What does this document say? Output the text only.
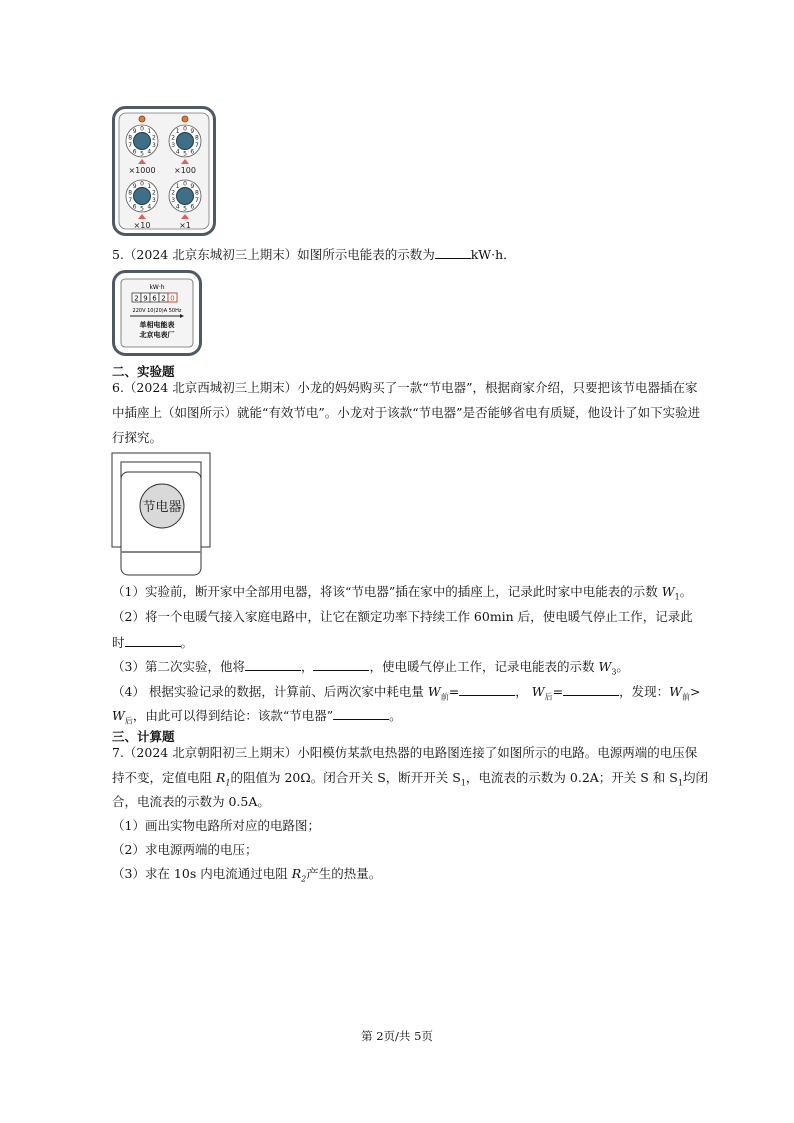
0 1
2
3
4
5
6
7
8
9	0
1
2
3
4 5 6
7
8
9
0 1
2
3
4
5
6
7
8
9	0
1
2
3
4 5 6
7
8
9
×1000 ×100
×10	×1
5.（2024 北京东城初三上期末）如图所示电能表的示数为	kW·h．
kW·h
2 9 6 2 0
220V 10(20)A 50Hz
单相电能表
北京电表厂
二、实验题
6.（2024 北京西城初三上期末）小龙的妈妈购买了一款“节电器”，根据商家介绍，只要把该节电器插在家
中插座上（如图所示）就能“有效节电”。小龙对于该款“节电器”是否能够省电有质疑，他设计了如下实验进
行探究。
节电器
（1）实验前，断开家中全部用电器，将该“节电器”插在家中的插座上，记录此时家中电能表的示数 $W_1$。
（2）将一个电暖气接入家庭电路中，让它在额定功率下持续工作 60min 后，使电暖气停止工作，记录此
时	。
（3）第二次实验，他将	，	，使电暖气停止工作，记录电能表的示数 $W_3$。
（4） 根据实验记录的数据，计算前、后两次家中耗电量 $W_前=$	， $W_后=$	，发现：$W_前>$
$W_后$，由此可以得到结论：该款“节电器”	。
三、计算题
7.（2024 北京朝阳初三上期末）小阳模仿某款电热器的电路图连接了如图所示的电路。电源两端的电压保
持不变，定值电阻 $R_1$的阻值为 20Ω。闭合开关 S，断开开关 $S_1$，电流表的示数为 0.2A；开关 S 和 $S_1$均闭
合，电流表的示数为 0.5A。
（1）画出实物电路所对应的电路图；
（2）求电源两端的电压；
（3）求在 10s 内电流通过电阻 $R_2$产生的热量。
第 2页/共 5页
